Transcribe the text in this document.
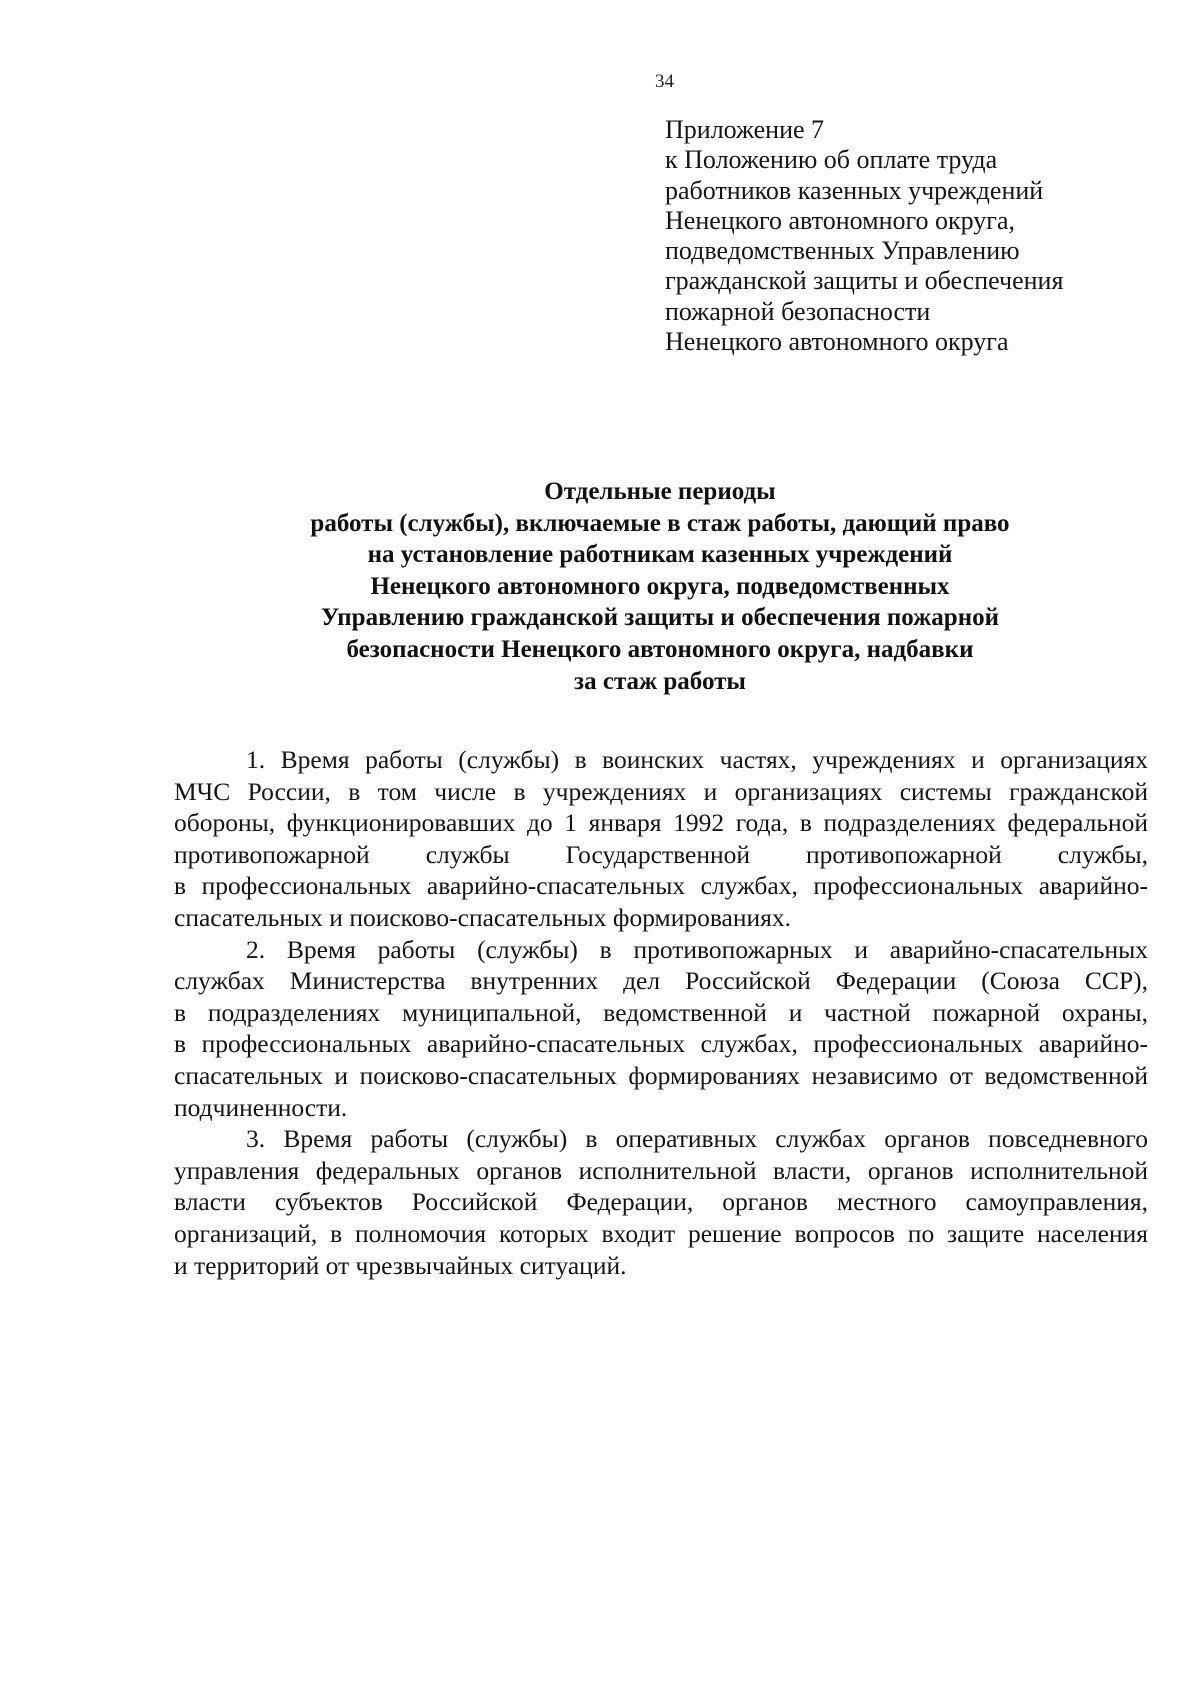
34
Приложение 7
к Положению об оплате труда
работников казенных учреждений
Ненецкого автономного округа,
подведомственных Управлению
гражданской защиты и обеспечения
пожарной безопасности
Ненецкого автономного округа
Отдельные периоды
работы (службы), включаемые в стаж работы, дающий право
на установление работникам казенных учреждений
Ненецкого автономного округа, подведомственных
Управлению гражданской защиты и обеспечения пожарной
безопасности Ненецкого автономного округа, надбавки
за стаж работы
1. Время работы (службы) в воинских частях, учреждениях и организациях
МЧС России, в том числе в учреждениях и организациях системы гражданской
обороны, функционировавших до 1 января 1992 года, в подразделениях федеральной
противопожарной службы Государственной противопожарной службы,
в профессиональных аварийно-спасательных службах, профессиональных аварийно-
спасательных и поисково-спасательных формированиях.
2. Время работы (службы) в противопожарных и аварийно-спасательных
службах Министерства внутренних дел Российской Федерации (Союза ССР),
в подразделениях муниципальной, ведомственной и частной пожарной охраны,
в профессиональных аварийно-спасательных службах, профессиональных аварийно-
спасательных и поисково-спасательных формированиях независимо от ведомственной
подчиненности.
3. Время работы (службы) в оперативных службах органов повседневного
управления федеральных органов исполнительной власти, органов исполнительной
власти субъектов Российской Федерации, органов местного самоуправления,
организаций, в полномочия которых входит решение вопросов по защите населения
и территорий от чрезвычайных ситуаций.
